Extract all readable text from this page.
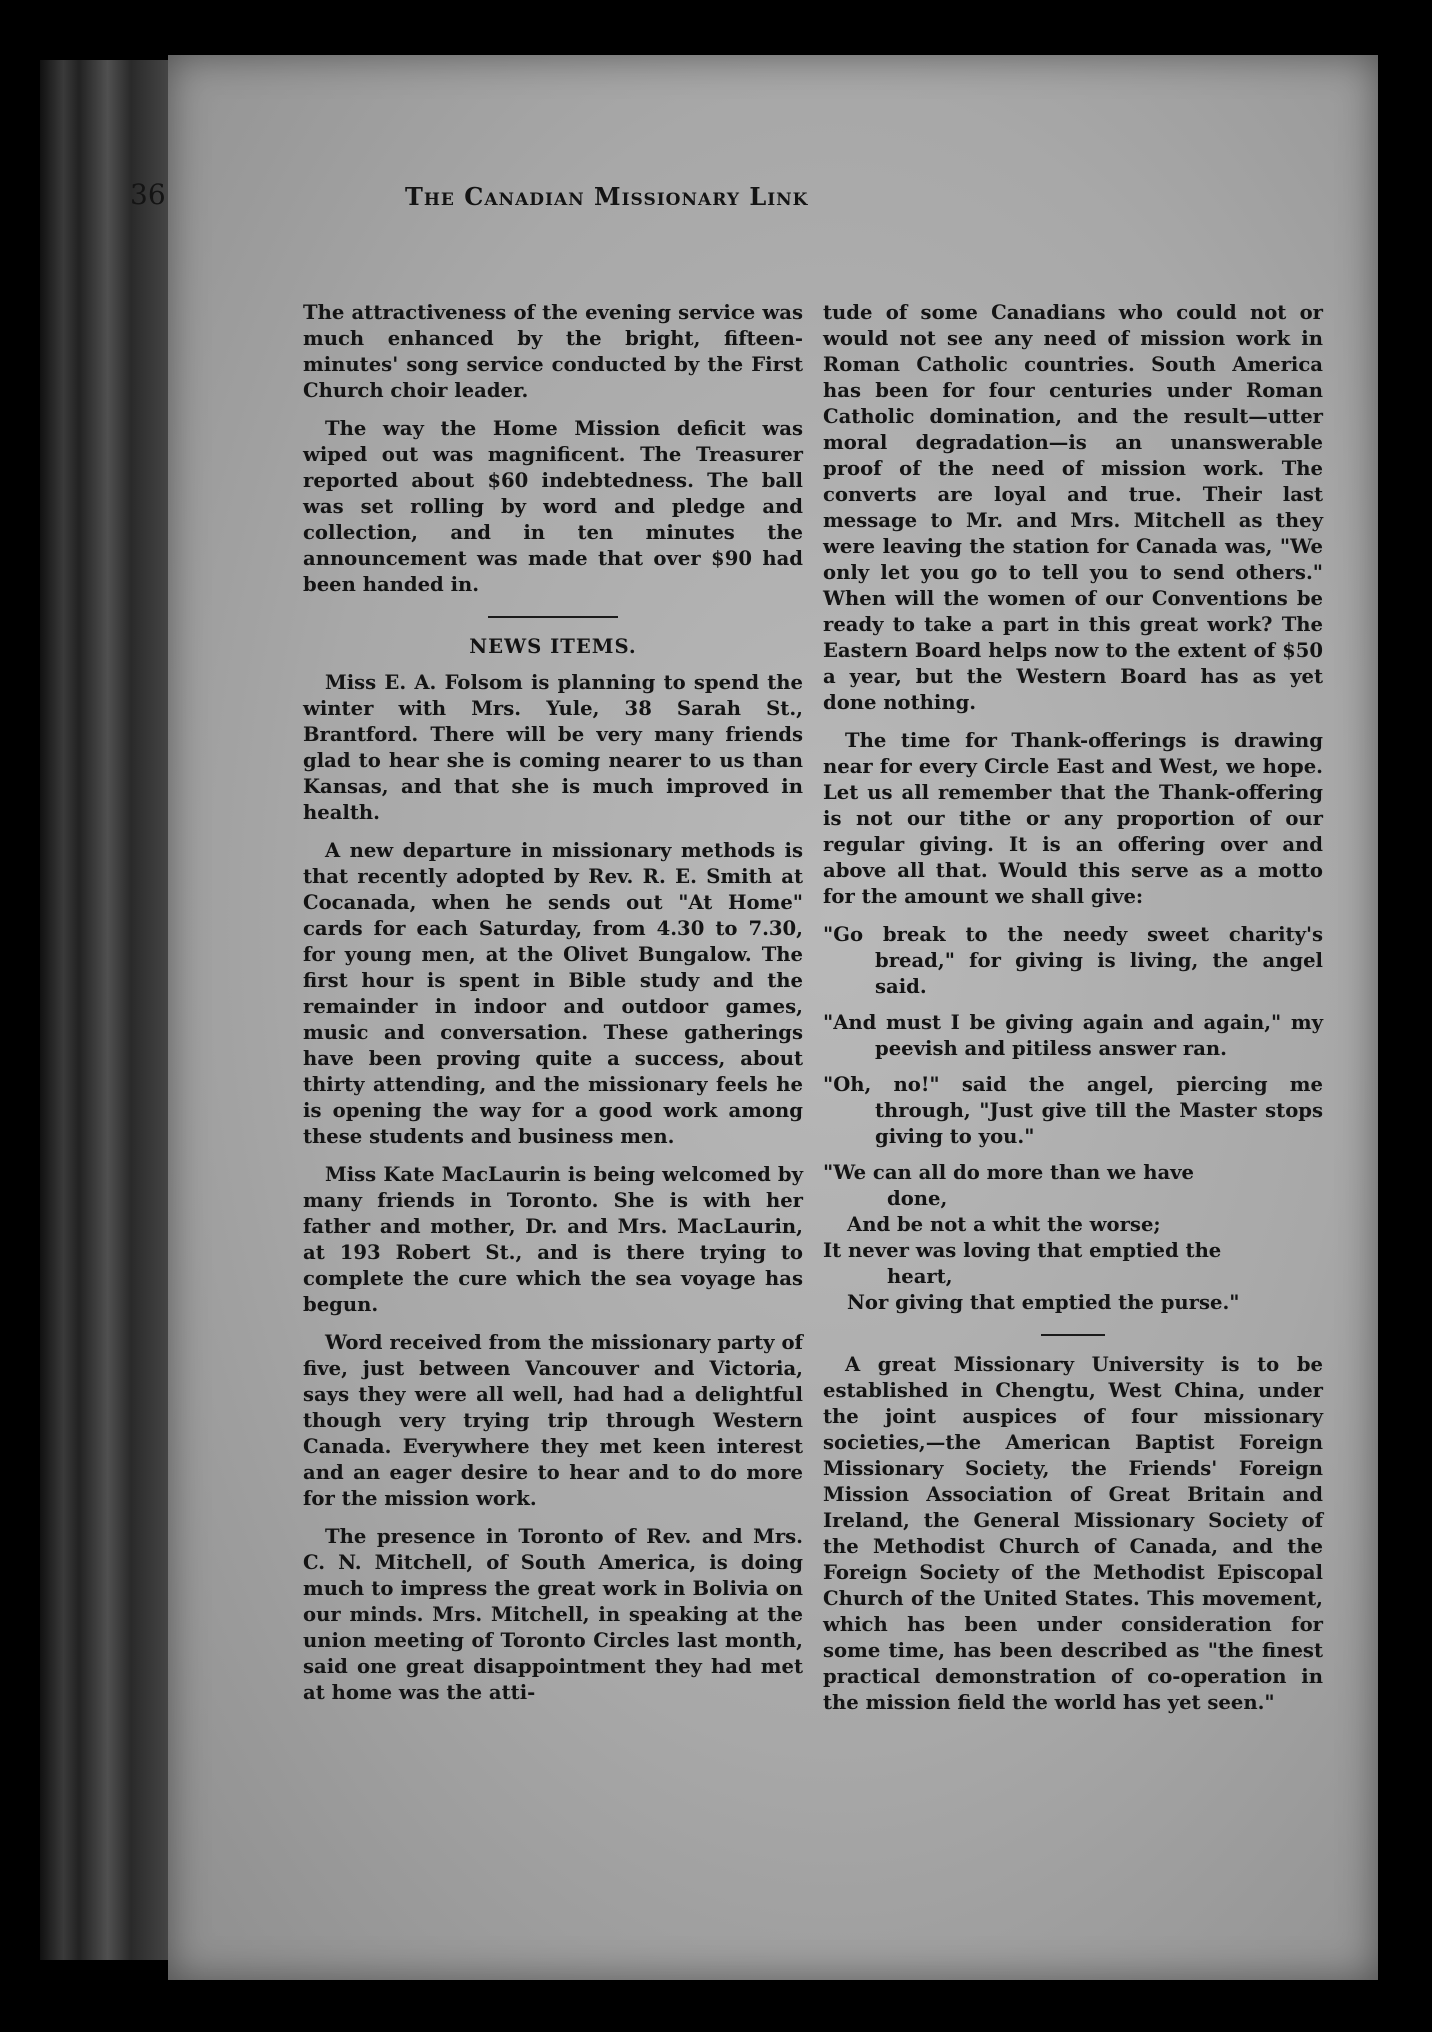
36	The Canadian Missionary Link

The attractiveness of the evening service was much enhanced by the bright, fifteen-minutes' song service conducted by the First Church choir leader.

The way the Home Mission deficit was wiped out was magnificent. The Treasurer reported about $60 indebtedness. The ball was set rolling by word and pledge and collection, and in ten minutes the announcement was made that over $90 had been handed in.

NEWS ITEMS.

Miss E. A. Folsom is planning to spend the winter with Mrs. Yule, 38 Sarah St., Brantford. There will be very many friends glad to hear she is coming nearer to us than Kansas, and that she is much improved in health.

A new departure in missionary methods is that recently adopted by Rev. R. E. Smith at Cocanada, when he sends out "At Home" cards for each Saturday, from 4.30 to 7.30, for young men, at the Olivet Bungalow. The first hour is spent in Bible study and the remainder in indoor and outdoor games, music and conversation. These gatherings have been proving quite a success, about thirty attending, and the missionary feels he is opening the way for a good work among these students and business men.

Miss Kate MacLaurin is being welcomed by many friends in Toronto. She is with her father and mother, Dr. and Mrs. MacLaurin, at 193 Robert St., and is there trying to complete the cure which the sea voyage has begun.

Word received from the missionary party of five, just between Vancouver and Victoria, says they were all well, had had a delightful though very trying trip through Western Canada. Everywhere they met keen interest and an eager desire to hear and to do more for the mission work.

The presence in Toronto of Rev. and Mrs. C. N. Mitchell, of South America, is doing much to impress the great work in Bolivia on our minds. Mrs. Mitchell, in speaking at the union meeting of Toronto Circles last month, said one great disappointment they had met at home was the atti-

tude of some Canadians who could not or would not see any need of mission work in Roman Catholic countries. South America has been for four centuries under Roman Catholic domination, and the result—utter moral degradation—is an unanswerable proof of the need of mission work. The converts are loyal and true. Their last message to Mr. and Mrs. Mitchell as they were leaving the station for Canada was, "We only let you go to tell you to send others." When will the women of our Conventions be ready to take a part in this great work? The Eastern Board helps now to the extent of $50 a year, but the Western Board has as yet done nothing.

The time for Thank-offerings is drawing near for every Circle East and West, we hope. Let us all remember that the Thank-offering is not our tithe or any proportion of our regular giving. It is an offering over and above all that. Would this serve as a motto for the amount we shall give:

"Go break to the needy sweet charity's bread," for giving is living, the angel said.
"And must I be giving again and again," my peevish and pitiless answer ran.
"Oh, no!" said the angel, piercing me through, "Just give till the Master stops giving to you."
"We can all do more than we have
done,
And be not a whit the worse;
It never was loving that emptied the
heart,
Nor giving that emptied the purse."

A great Missionary University is to be established in Chengtu, West China, under the joint auspices of four missionary societies,—the American Baptist Foreign Missionary Society, the Friends' Foreign Mission Association of Great Britain and Ireland, the General Missionary Society of the Methodist Church of Canada, and the Foreign Society of the Methodist Episcopal Church of the United States. This movement, which has been under consideration for some time, has been described as "the finest practical demonstration of co-operation in the mission field the world has yet seen."
